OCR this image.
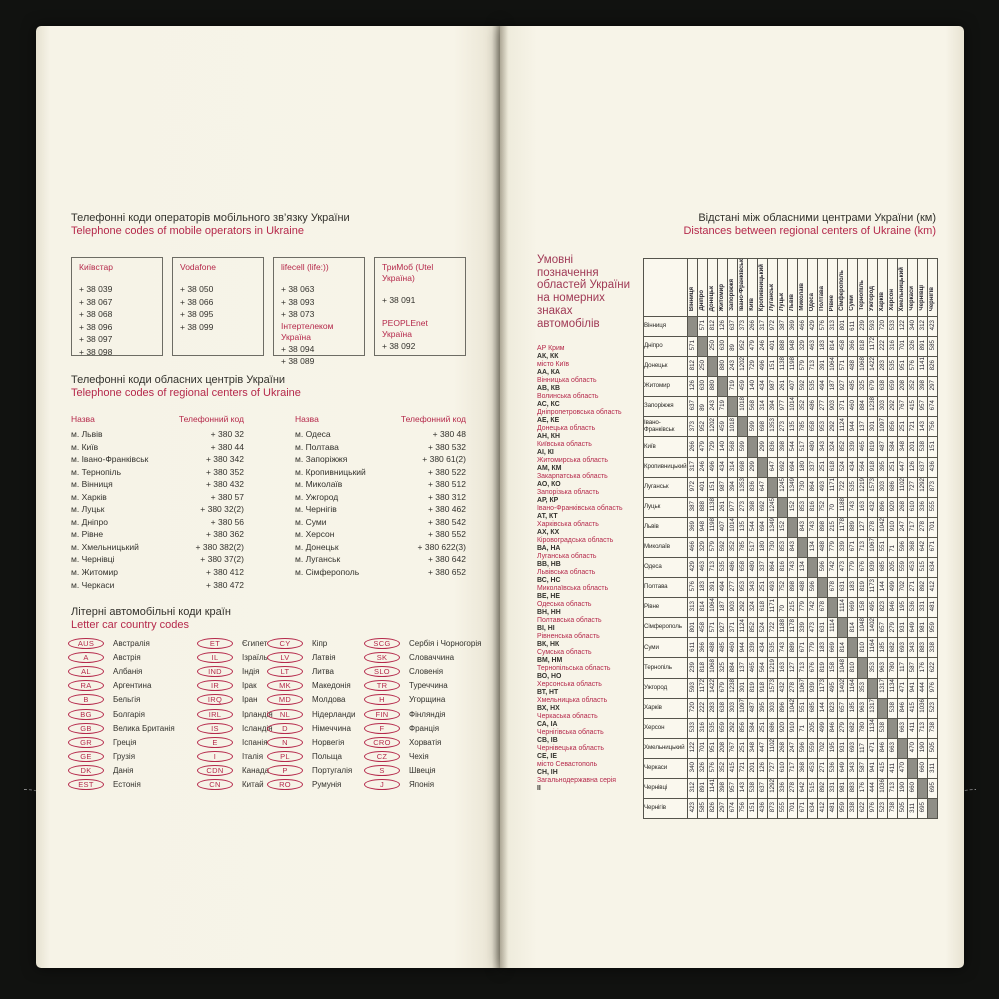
Телефонні коди операторів мобільного зв’язку України
Telephone codes of mobile operators in Ukraine
Київстар
+ 38 039
+ 38 067
+ 38 068
+ 38 096
+ 38 097
+ 38 098
Vodafone
+ 38 050
+ 38 066
+ 38 095
+ 38 099
lifecell (life:))
+ 38 063
+ 38 093
+ 38 073
Інтертелеком Україна
+ 38 094
+ 38 089
ТриМоб (Utel Україна)
+ 38 091
PEOPLEnet Україна
+ 38 092
Телефонні коди обласних центрів України
Telephone codes of regional centers of Ukraine
Назва	Телефонний код	Назва	Телефонний код
м. Львів	+ 380 32
м. Київ	+ 380 44
м. Івано-Франківськ	+ 380 342
м. Тернопіль	+ 380 352
м. Вінниця	+ 380 432
м. Харків	+ 380 57
м. Луцьк	+ 380 32(2)
м. Дніпро	+ 380 56
м. Рівне	+ 380 362
м. Хмельницький	+ 380 382(2)
м. Чернівці	+ 380 37(2)
м. Житомир	+ 380 412
м. Черкаси	+ 380 472
м. Одеса	+ 380 48
м. Полтава	+ 380 532
м. Запоріжжя	+ 380 61(2)
м. Кропивницький	+ 380 522
м. Миколаїв	+ 380 512
м. Ужгород	+ 380 312
м. Чернігів	+ 380 462
м. Суми	+ 380 542
м. Херсон	+ 380 552
м. Донецьк	+ 380 622(3)
м. Луганськ	+ 380 642
м. Сімферополь	+ 380 652
Літерні автомобільні коди країн
Letter car country codes
AUS	Австралія
A	Австрія
AL	Албанія
RA	Аргентина
B	Бельгія
BG	Болгарія
GB	Велика Британія
GR	Греція
GE	Грузія
DK	Данія
EST	Естонія
ET	Єгипет
IL	Ізраїль
IND	Індія
IR	Ірак
IRQ	Іран
IRL	Ірландія
IS	Ісландія
E	Іспанія
I	Італія
CDN	Канада
CN	Китай
CY	Кіпр
LV	Латвія
LT	Литва
MK	Македонія
MD	Молдова
NL	Нідерланди
D	Німеччина
N	Норвегія
PL	Польща
P	Португалія
RO	Румунія
SCG	Сербія і Чорногорія
SK	Словаччина
SLO	Словенія
TR	Туреччина
H	Угорщина
FIN	Фінляндія
F	Франція
CRO	Хорватія
CZ	Чехія
S	Швеція
J	Японія
Відстані між обласними центрами України (км)
Distances between regional centers of Ukraine (km)
Умовні позначення областей України на номерних знаках автомобілів
АР Крим
АК, КК
місто Київ
АА, КА
Вінницька область
АВ, КВ
Волинська область
АС, КС
Дніпропетровська область
АЕ, КЕ
Донецька область
АН, КН
Київська область
АІ, КІ
Житомирська область
АМ, КМ
Закарпатська область
АО, КО
Запорізька область
АР, КР
Івано-Франківська область
АТ, КТ
Харківська область
АХ, КХ
Кіровоградська область
ВА, НА
Луганська область
ВВ, НВ
Львівська область
ВС, НС
Миколаївська область
ВЕ, НЕ
Одеська область
ВН, НН
Полтавська область
ВІ, НІ
Рівненська область
ВК, НК
Сумська область
ВМ, НМ
Тернопільська область
ВО, НО
Херсонська область
ВТ, НТ
Хмельницька область
ВХ, НХ
Черкаська область
СА, ІА
Чернігівська область
СВ, ІВ
Чернівецька область
СЕ, ІЕ
місто Севастополь
СН, ІН
Загальнодержавна серія
ІІ
	Вінниця	Дніпро	Донецьк	Житомир	Запоріжжя	Івано-Франківськ	Київ	Кропивницький	Луганськ	Луцьк	Львів	Миколаїв	Одеса	Полтава	Рівне	Сімферополь	Суми	Тернопіль	Ужгород	Харків	Херсон	Хмельницький	Черкаси	Чернівці	Чернігів
Вінниця		571	812	126	637	373	266	317	972	387	369	466	429	576	313	801	611	239	593	720	533	122	340	312	423
Дніпро	571		250	630	89	952	479	246	401	888	948	329	463	183	814	458	366	818	1172	222	316	701	326	891	585
Донецьк	812	250		880	243	1202	729	496	151	1138	1198	579	713	391	1064	571	488	1068	1422	283	535	951	576	1141	826
Житомир	126	630	880		719	459	140	434	987	261	407	592	535	494	187	927	485	325	679	638	659	208	352	398	297
Запоріжжя	637	89	243	719		1018	568	314	394	977	1014	352	486	277	903	371	460	884	1238	303	292	767	415	957	674
Івано-Франківськ	373	952	1202	459	1018		599	698	1353	273	135	785	658	953	292	1124	944	137	301	1097	856	251	721	143	756
Київ	266	479	729	140	568	599		299	836	398	544	517	480	343	324	852	339	465	819	487	584	348	201	538	151
Кропивницький	317	246	496	434	314	698	299		647	692	694	180	337	251	618	524	434	564	918	395	251	447	126	637	436
Луганськ	972	401	151	987	394	1353	836	647		1245	1349	730	864	493	1171	722	535	1219	1573	303	686	1102	727	1292	873
Луцьк	387	888	1138	261	977	273	398	692	1245		152	853	816	752	70	1188	743	163	432	896	920	268	610	336	555
Львів	369	948	1198	407	1014	135	544	694	1349	152		843	743	898	215	1178	889	127	278	1042	910	247	717	278	701
Миколаїв	466	329	579	592	352	785	517	180	730	853	843		134	488	779	339	671	713	1067	551	71	596	368	642	671
Одеса	429	463	713	535	486	658	480	337	864	816	743	134		596	742	473	779	676	939	685	205	559	453	515	634
Полтава	576	183	391	494	277	953	343	251	493	752	898	488	596		678	631	183	819	1173	144	499	702	271	892	412
Рівне	313	814	1064	187	903	292	324	618	1171	70	215	779	742	678		1114	669	158	495	823	846	195	536	331	481
Сімферополь	801	458	571	927	371	1124	852	524	722	1188	1178	339	473	631	1114		814	1048	1402	657	279	931	649	981	959
Суми	611	366	488	485	460	944	339	434	535	743	889	671	779	183	669	814		810	1164	185	682	693	343	883	338
Тернопіль	239	818	1068	325	884	137	465	564	1219	163	127	713	676	819	158	1048	810		353	963	780	117	587	176	622
Ужгород	593	1172	1422	679	1238	301	819	918	1573	432	278	1067	939	1173	495	1402	1164	353		1317	1134	471	941	444	976
Харків	720	222	283	638	303	1097	487	395	303	896	1042	551	685	144	823	657	185	963	1317		538	846	415	1036	523
Херсон	533	316	535	659	292	856	584	251	686	920	910	71	205	499	846	279	682	780	1134	538		663	411	713	738
Хмельницький	122	701	951	208	767	251	348	447	1102	268	247	596	559	702	195	931	693	117	471	846	663		470	190	505
Черкаси	340	326	576	352	415	721	201	126	727	610	717	368	453	271	536	649	343	587	941	415	411	470		660	311
Чернівці	312	891	1141	398	957	143	538	637	1292	336	278	642	515	892	331	981	883	176	444	1036	713	190	660		695
Чернігів	423	585	826	297	674	756	151	436	873	555	701	671	634	412	481	959	338	622	976	523	738	505	311	695	
